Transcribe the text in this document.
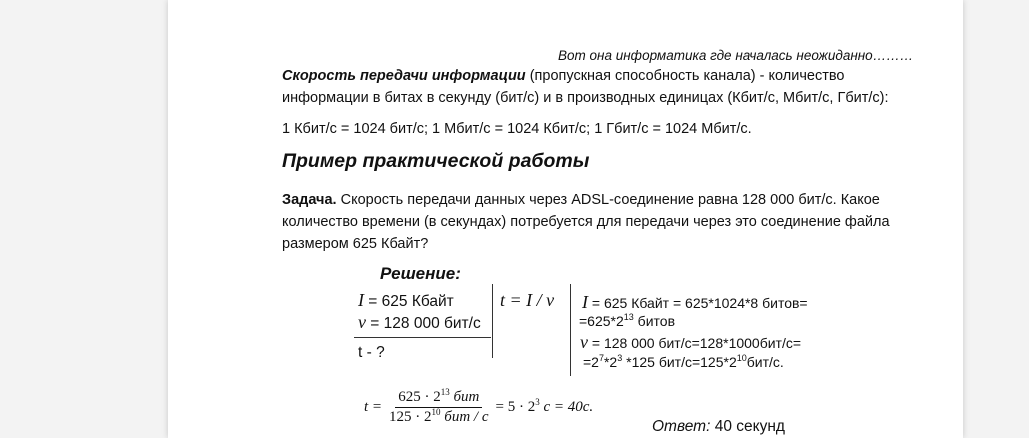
Вот она информатика где началась неожиданно………
Скорость передачи информации (пропускная способность канала) - количество
информации в битах в секунду (бит/с) и в производных единицах (Кбит/с, Мбит/с, Гбит/с):
1 Кбит/с = 1024 бит/с; 1 Мбит/с = 1024 Кбит/с; 1 Гбит/с = 1024 Мбит/с.
Пример практической работы
Задача. Скорость передачи данных через ADSL-соединение равна 128 000 бит/с. Какое
количество времени (в секундах) потребуется для передачи через это соединение файла
размером 625 Кбайт?
Решение:
I = 625 Кбайт
v = 128 000 бит/с
t - ?
t = I / v I = 625 Кбайт = 625*1024*8 битов=
$=625*2^{13}$ битов
v = 128 000 бит/с=128*1000бит/с=
$=2^7*2^3$ *125 бит/$с=125*2^{10}бит/с$.
$t = \frac{625 \cdot 2^{13} бит}{125 \cdot 2^{10} бит / с} = 5 \cdot 2^3$ с = 40с.
Ответ: 40 секунд
